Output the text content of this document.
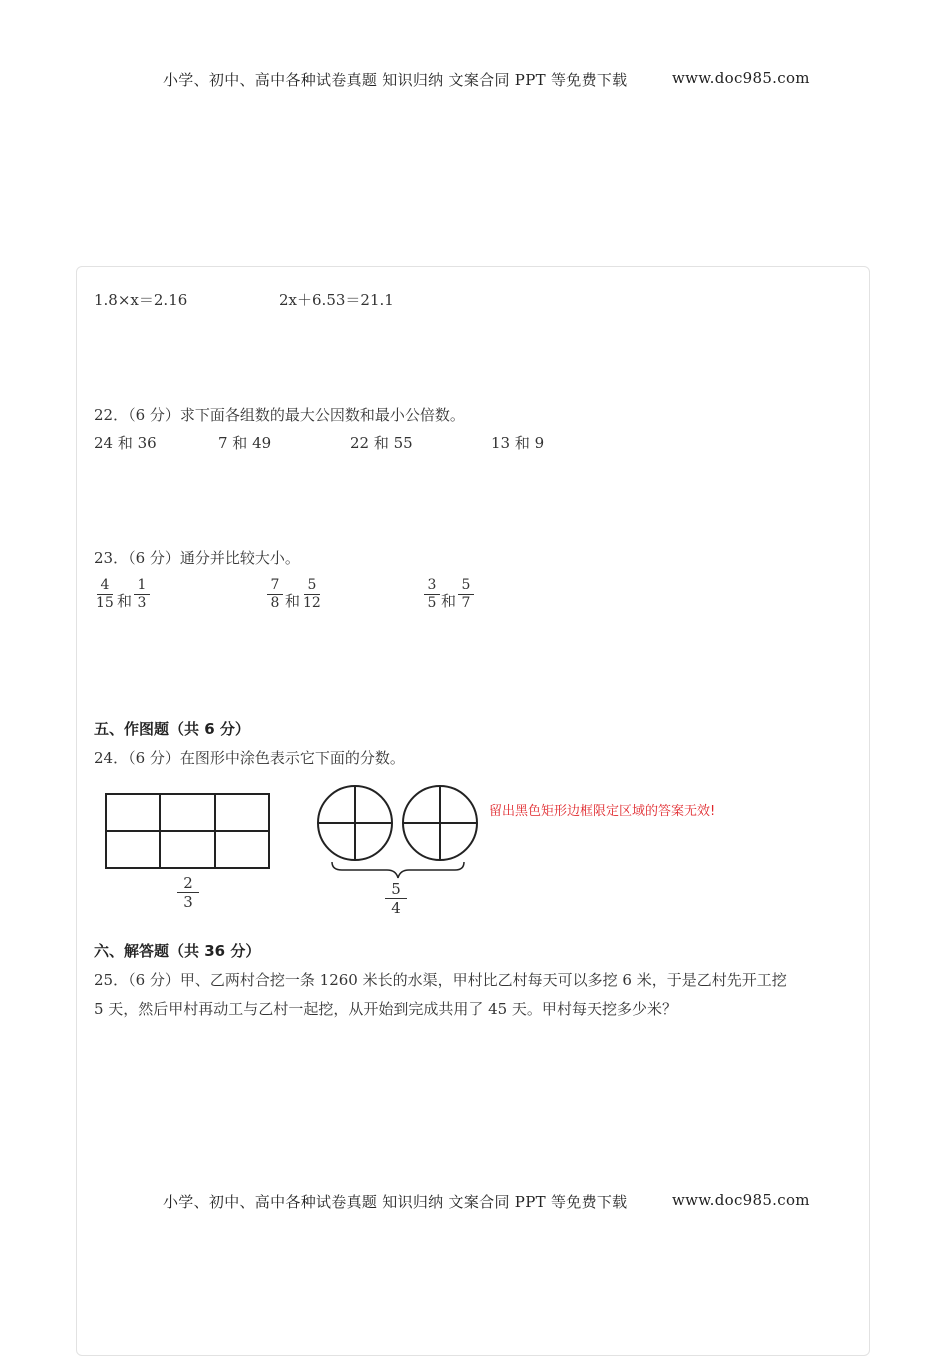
小学、初中、高中各种试卷真题 知识归纳 文案合同 PPT 等免费下载	www.doc985.com
1.8×x＝2.16	2x＋6.53＝21.1
22．（6 分）求下面各组数的最大公因数和最小公倍数。
24 和 36	7 和 49	22 和 55	13 和 9
23．（6 分）通分并比较大小。
4
15 和
1
3
7
8 和
5
12
3
5 和
5
7
五、作图题（共 6 分）
24．（6 分）在图形中涂色表示它下面的分数。
2
3
5
4
留出黑色矩形边框限定区域的答案无效!
六、解答题（共 36 分）
25．（6 分）甲、乙两村合挖一条 1260 米长的水渠，甲村比乙村每天可以多挖 6 米，于是乙村先开工挖
5 天，然后甲村再动工与乙村一起挖，从开始到完成共用了 45 天。甲村每天挖多少米？
小学、初中、高中各种试卷真题 知识归纳 文案合同 PPT 等免费下载	www.doc985.com
